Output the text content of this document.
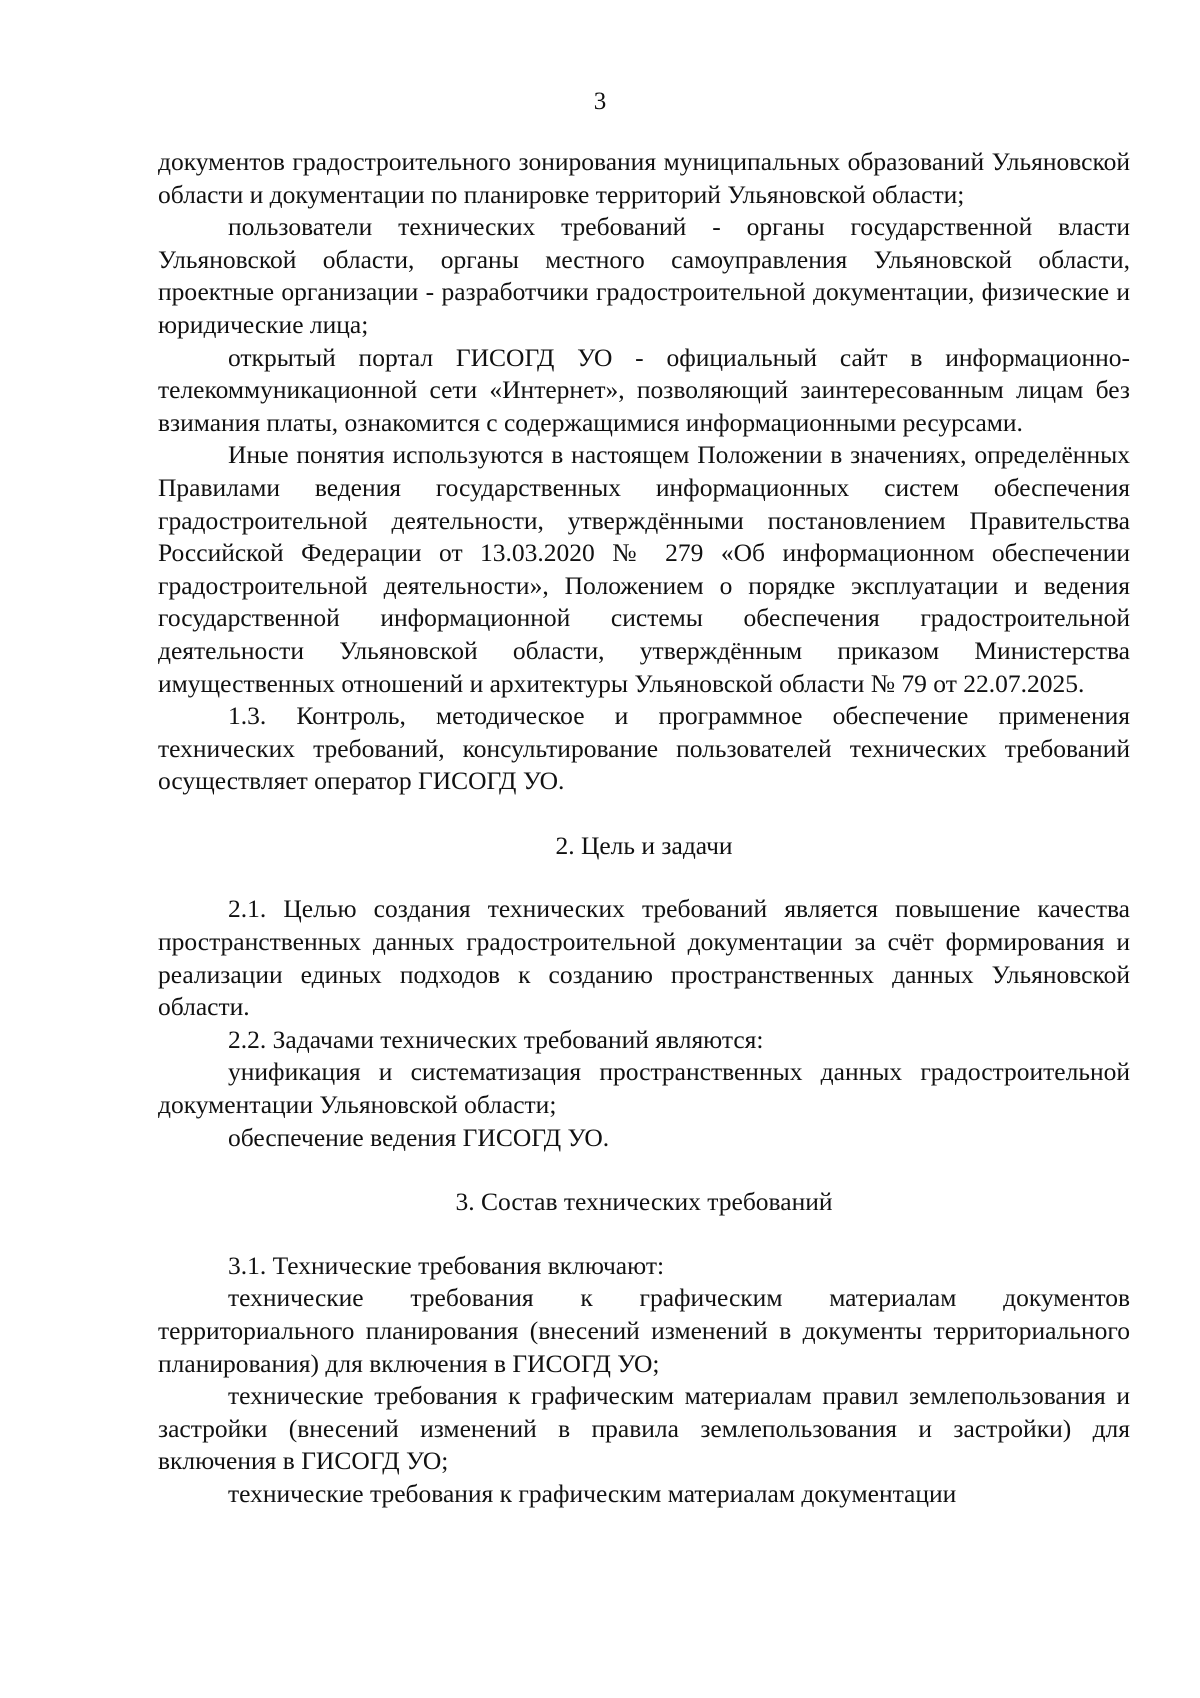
3

документов градостроительного зонирования муниципальных образований Ульяновской области и документации по планировке территорий Ульяновской области;

пользователи технических требований - органы государственной власти Ульяновской области, органы местного самоуправления Ульяновской области, проектные организации - разработчики градостроительной документации, физические и юридические лица;

открытый портал ГИСОГД УО - официальный сайт в информационно-телекоммуникационной сети «Интернет», позволяющий заинтересованным лицам без взимания платы, ознакомится с содержащимися информационными ресурсами.

Иные понятия используются в настоящем Положении в значениях, определённых Правилами ведения государственных информационных систем обеспечения градостроительной деятельности, утверждёнными постановлением Правительства Российской Федерации от 13.03.2020 № 279 «Об информационном обеспечении градостроительной деятельности», Положением о порядке эксплуатации и ведения государственной информационной системы обеспечения градостроительной деятельности Ульяновской области, утверждённым приказом Министерства имущественных отношений и архитектуры Ульяновской области № 79 от 22.07.2025.

1.3. Контроль, методическое и программное обеспечение применения технических требований, консультирование пользователей технических требований осуществляет оператор ГИСОГД УО.

2. Цель и задачи

2.1. Целью создания технических требований является повышение качества пространственных данных градостроительной документации за счёт формирования и реализации единых подходов к созданию пространственных данных Ульяновской области.

2.2. Задачами технических требований являются:

унификация и систематизация пространственных данных градостроительной документации Ульяновской области;

обеспечение ведения ГИСОГД УО.

3. Состав технических требований

3.1. Технические требования включают:

технические требования к графическим материалам документов территориального планирования (внесений изменений в документы территориального планирования) для включения в ГИСОГД УО;

технические требования к графическим материалам правил землепользования и застройки (внесений изменений в правила землепользования и застройки) для включения в ГИСОГД УО;

технические требования к графическим материалам документации
